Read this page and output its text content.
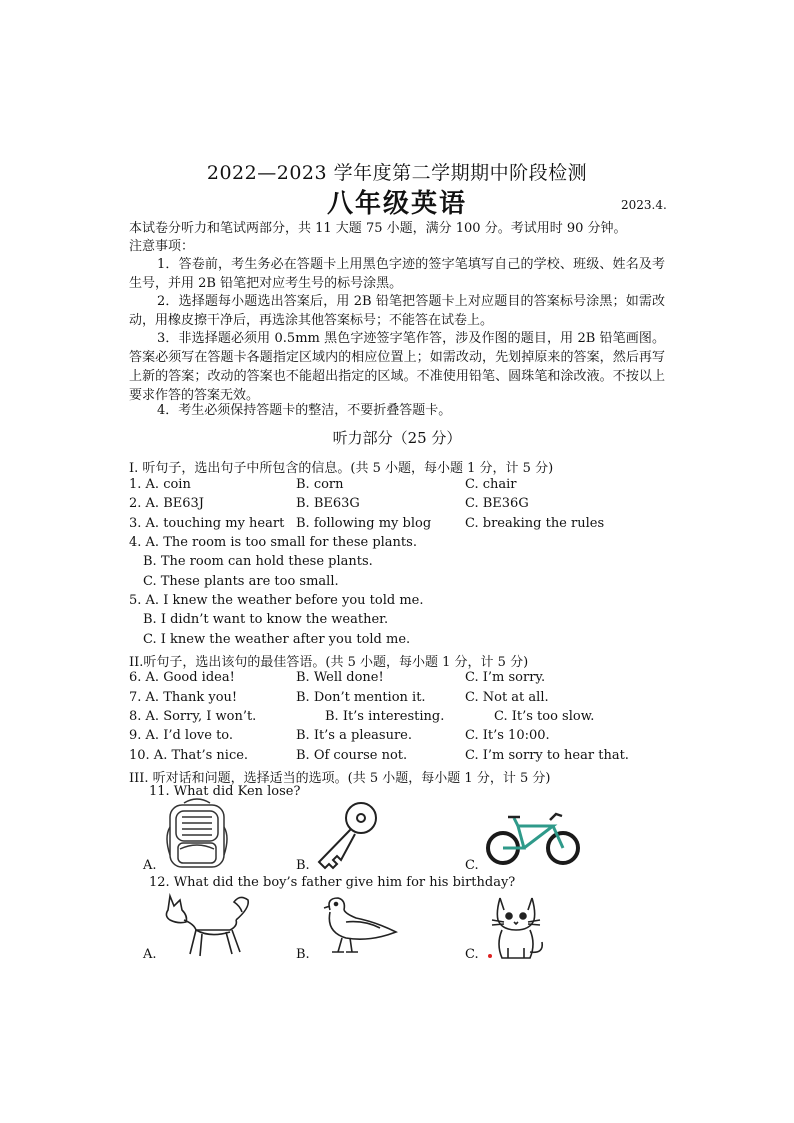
2022—2023 学年度第二学期期中阶段检测
八年级英语	2023.4.
本试卷分听力和笔试两部分，共 11 大题 75 小题，满分 100 分。考试用时 90 分钟。
注意事项：
1．答卷前，考生务必在答题卡上用黑色字迹的签字笔填写自己的学校、班级、姓名及考生号，并用 2B 铅笔把对应考生号的标号涂黑。
2．选择题每小题选出答案后，用 2B 铅笔把答题卡上对应题目的答案标号涂黑；如需改动，用橡皮擦干净后，再选涂其他答案标号；不能答在试卷上。
3．非选择题必须用 0.5mm 黑色字迹签字笔作答，涉及作图的题目，用 2B 铅笔画图。答案必须写在答题卡各题指定区域内的相应位置上；如需改动，先划掉原来的答案，然后再写上新的答案；改动的答案也不能超出指定的区域。不准使用铅笔、圆珠笔和涂改液。不按以上要求作答的答案无效。
4．考生必须保持答题卡的整洁，不要折叠答题卡。
听力部分（25 分）
I. 听句子，选出句子中所包含的信息。(共 5 小题，每小题 1 分，计 5 分)
1. A. coin	B. corn	C. chair
2. A. BE63J	B. BE63G	C. BE36G
3. A. touching my heart B. following my blog	C. breaking the rules
4. A. The room is too small for these plants.
B. The room can hold these plants.
C. These plants are too small.
5. A. I knew the weather before you told me.
B. I didn’t want to know the weather.
C. I knew the weather after you told me.
II.听句子，选出该句的最佳答语。(共 5 小题，每小题 1 分，计 5 分)
6. A. Good idea!	B. Well done!	C. I’m sorry.
7. A. Thank you!	B. Don’t mention it.	C. Not at all.
8. A. Sorry, I won’t.	B. It’s interesting.	C. It’s too slow.
9. A. I’d love to.	B. It’s a pleasure.	C. It’s 10:00.
10. A. That’s nice.	B. Of course not.	C. I’m sorry to hear that.
III. 听对话和问题，选择适当的选项。(共 5 小题，每小题 1 分，计 5 分)
11. What did Ken lose?
A.	B.	C.
12. What did the boy’s father give him for his birthday?
A.	B.	C.
